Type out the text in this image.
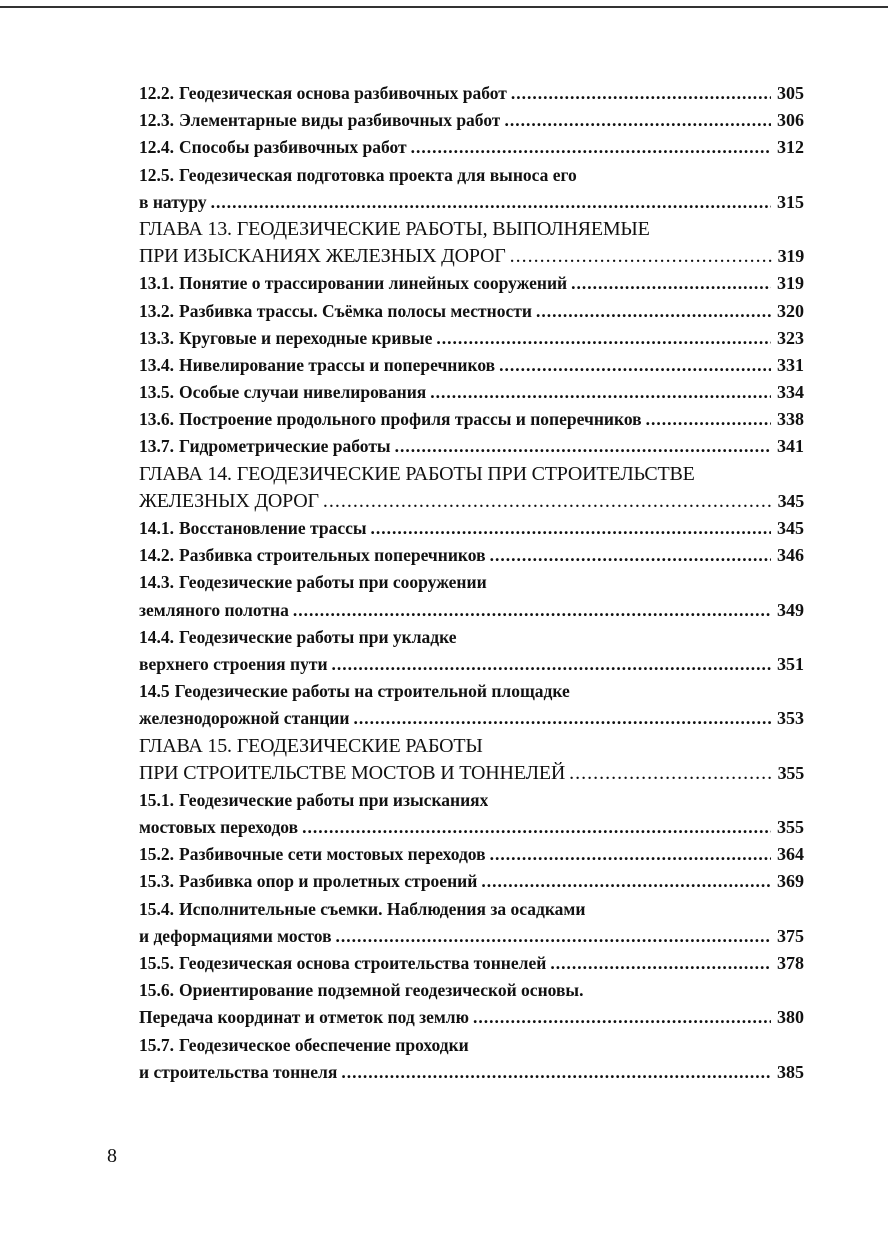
12.2. Геодезическая основа разбивочных работ .....	305
12.3. Элементарные виды разбивочных работ .....	306
12.4. Способы разбивочных работ .....	312
12.5. Геодезическая подготовка проекта для выноса его
в натуру .....	315
ГЛАВА 13. ГЕОДЕЗИЧЕСКИЕ РАБОТЫ, ВЫПОЛНЯЕМЫЕ
ПРИ ИЗЫСКАНИЯХ ЖЕЛЕЗНЫХ ДОРОГ .....	319
13.1. Понятие о трассировании линейных сооружений .....	319
13.2. Разбивка трассы. Съёмка полосы местности .....	320
13.3. Круговые и переходные кривые .....	323
13.4. Нивелирование трассы и поперечников .....	331
13.5. Особые случаи нивелирования .....	334
13.6. Построение продольного профиля трассы и поперечников .....	338
13.7. Гидрометрические работы .....	341
ГЛАВА 14. ГЕОДЕЗИЧЕСКИЕ РАБОТЫ ПРИ СТРОИТЕЛЬСТВЕ
ЖЕЛЕЗНЫХ ДОРОГ .....	345
14.1. Восстановление трассы .....	345
14.2. Разбивка строительных поперечников .....	346
14.3. Геодезические работы при сооружении
земляного полотна .....	349
14.4. Геодезические работы при укладке
верхнего строения пути .....	351
14.5 Геодезические работы на строительной площадке
железнодорожной станции .....	353
ГЛАВА 15. ГЕОДЕЗИЧЕСКИЕ РАБОТЫ
ПРИ СТРОИТЕЛЬСТВЕ МОСТОВ И ТОННЕЛЕЙ .....	355
15.1. Геодезические работы при изысканиях
мостовых переходов .....	355
15.2. Разбивочные сети мостовых переходов .....	364
15.3. Разбивка опор и пролетных строений .....	369
15.4. Исполнительные съемки. Наблюдения за осадками
и деформациями мостов .....	375
15.5. Геодезическая основа строительства тоннелей .....	378
15.6. Ориентирование подземной геодезической основы.
Передача координат и отметок под землю .....	380
15.7. Геодезическое обеспечение проходки
и строительства тоннеля .....	385
8
